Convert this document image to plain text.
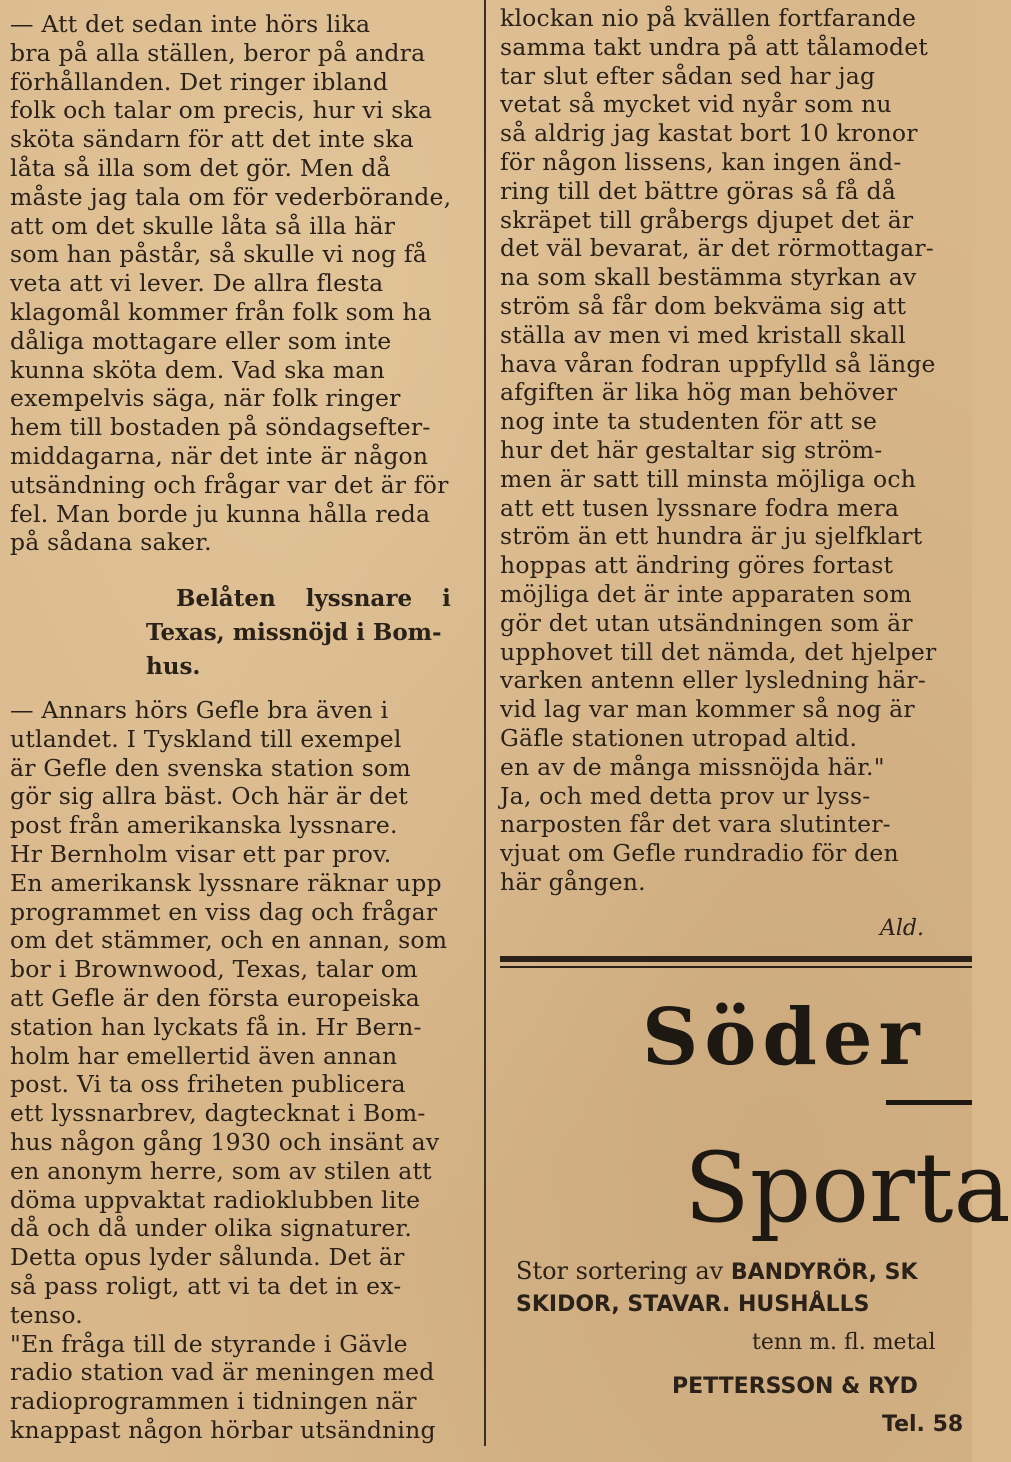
— Att det sedan inte hörs lika
bra på alla ställen, beror på andra
förhållanden. Det ringer ibland
folk och talar om precis, hur vi ska
sköta sändarn för att det inte ska
låta så illa som det gör. Men då
måste jag tala om för vederbörande,
att om det skulle låta så illa här
som han påstår, så skulle vi nog få
veta att vi lever. De allra flesta
klagomål kommer från folk som ha
dåliga mottagare eller som inte
kunna sköta dem. Vad ska man
exempelvis säga, när folk ringer
hem till bostaden på söndagsefter-
middagarna, när det inte är någon
utsändning och frågar var det är för
fel. Man borde ju kunna hålla reda
på sådana saker.
Belåten lyssnare i
Texas, missnöjd i Bom-
hus.
— Annars hörs Gefle bra även i
utlandet. I Tyskland till exempel
är Gefle den svenska station som
gör sig allra bäst. Och här är det
post från amerikanska lyssnare.
Hr Bernholm visar ett par prov.
En amerikansk lyssnare räknar upp
programmet en viss dag och frågar
om det stämmer, och en annan, som
bor i Brownwood, Texas, talar om
att Gefle är den första europeiska
station han lyckats få in. Hr Bern-
holm har emellertid även annan
post. Vi ta oss friheten publicera
ett lyssnarbrev, dagtecknat i Bom-
hus någon gång 1930 och insänt av
en anonym herre, som av stilen att
döma uppvaktat radioklubben lite
då och då under olika signaturer.
Detta opus lyder sålunda. Det är
så pass roligt, att vi ta det in ex-
tenso.
"En fråga till de styrande i Gävle
radio station vad är meningen med
radioprogrammen i tidningen när
knappast någon hörbar utsändning
klockan nio på kvällen fortfarande
samma takt undra på att tålamodet
tar slut efter sådan sed har jag
vetat så mycket vid nyår som nu
så aldrig jag kastat bort 10 kronor
för någon lissens, kan ingen änd-
ring till det bättre göras så få då
skräpet till gråbergs djupet det är
det väl bevarat, är det rörmottagar-
na som skall bestämma styrkan av
ström så får dom bekväma sig att
ställa av men vi med kristall skall
hava våran fodran uppfylld så länge
afgiften är lika hög man behöver
nog inte ta studenten för att se
hur det här gestaltar sig ström-
men är satt till minsta möjliga och
att ett tusen lyssnare fodra mera
ström än ett hundra är ju sjelfklart
hoppas att ändring göres fortast
möjliga det är inte apparaten som
gör det utan utsändningen som är
upphovet till det nämda, det hjelper
varken antenn eller lysledning här-
vid lag var man kommer så nog är
Gäfle stationen utropad altid.
en av de många missnöjda här."
Ja, och med detta prov ur lyss-
narposten får det vara slutinter-
vjuat om Gefle rundradio för den
här gången.
Ald.
Söder
Sporta
Stor sortering av BANDYRÖR, SK
SKIDOR, STAVAR. HUSHÅLLS
tenn m. fl. metal
PETTERSSON & RYD
Tel. 58
